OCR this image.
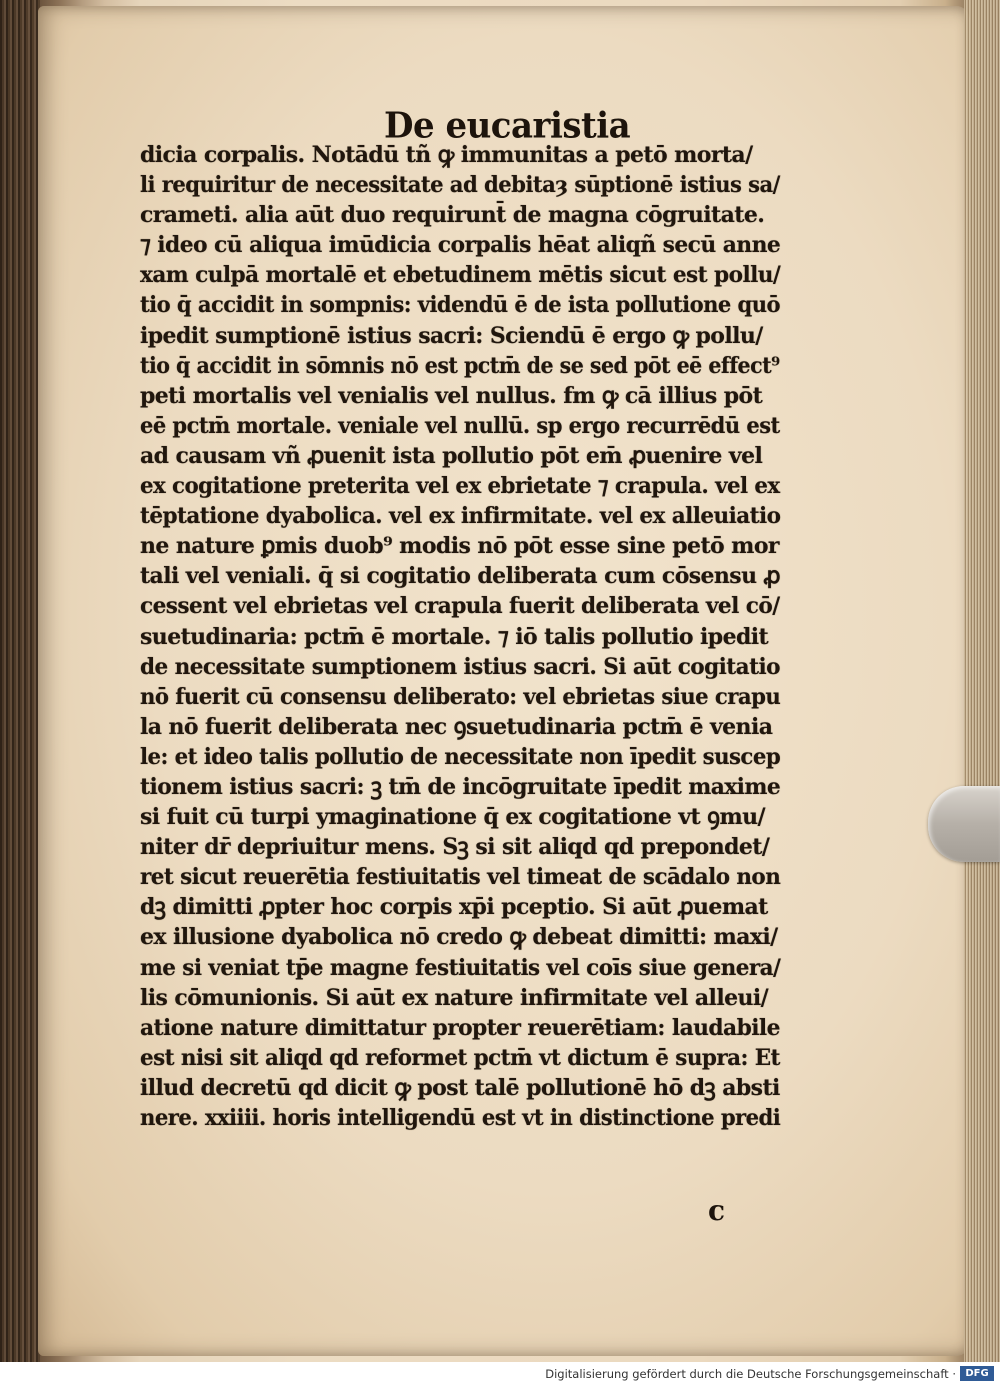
De eucaristia
dicia corpalis. Notādū tñ ꝙ immunitas a petō morta/
li requiritur de necessitate ad debitaȝ sūptionē istius sa/
crameti. alia aūt duo requirunt̄ de magna cōgruitate.
⁊ ideo cū aliqua imūdicia corpalis hēat aliqñ secū anne
xam culpā mortalē et ebetudinem mētis sicut est pollu/
tio q̄ accidit in sompnis: videndū ē de ista pollutione quō
ipedit sumptionē istius sacri: Sciendū ē ergo ꝙ pollu/
tio q̄ accidit in sōmnis nō est pctm̄ de se sed pōt eē effect⁹
peti mortalis vel venialis vel nullus. fm ꝙ cā illius pōt
eē pctm̄ mortale. veniale vel nullū. sp ergo recurrēdū est
ad causam vñ ꝓuenit ista pollutio pōt em̄ ꝓuenire vel
ex cogitatione preterita vel ex ebrietate ⁊ crapula. vel ex
tēptatione dyabolica. vel ex infirmitate. vel ex alleuiatio
ne nature ꝑmis duob⁹ modis nō pōt esse sine petō mor
tali vel veniali. q̄ si cogitatio deliberata cum cōsensu ꝓ
cessent vel ebrietas vel crapula fuerit deliberata vel cō/
suetudinaria: pctm̄ ē mortale. ⁊ iō talis pollutio ipedit
de necessitate sumptionem istius sacri. Si aūt cogitatio
nō fuerit cū consensu deliberato: vel ebrietas siue crapu
la nō fuerit deliberata nec ꝯsuetudinaria pctm̄ ē venia
le: et ideo talis pollutio de necessitate non īpedit suscep
tionem istius sacri: ꝫ tm̄ de incōgruitate īpedit maxime
si fuit cū turpi ymaginatione q̄ ex cogitatione vt ꝯmu/
niter dr̄ depriuitur mens. Sꝫ si sit aliqd qd prepondet/
ret sicut reuerētia festiuitatis vel timeat de scādalo non
dꝫ dimitti ꝓpter hoc corpis xp̄i pceptio. Si aūt ꝓuemat
ex illusione dyabolica nō credo ꝙ debeat dimitti: maxi/
me si veniat tp̄e magne festiuitatis vel coīs siue genera/
lis cōmunionis. Si aūt ex nature infirmitate vel alleui/
atione nature dimittatur propter reuerētiam: laudabile
est nisi sit aliqd qd reformet pctm̄ vt dictum ē supra: Et
illud decretū qd dicit ꝙ post talē pollutionē hō dꝫ absti
nere. xxiiii. horis intelligendū est vt in distinctione predi
c
Digitalisierung gefördert durch die Deutsche Forschungsgemeinschaft · DFG
